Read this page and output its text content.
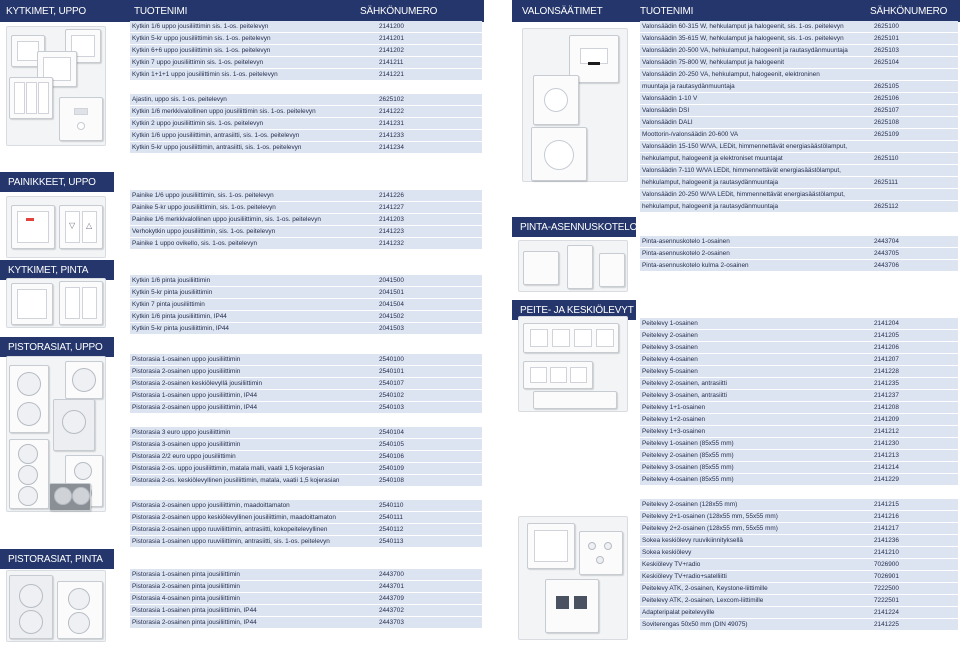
KYTKIMET, UPPO	TUOTENIMI	SÄHKÖNUMERO
Kytkin 1/6 uppo jousiliittimin sis. 1-os. peitelevyn	2141200
Kytkin 5-kr uppo jousiliittimin sis. 1-os. peitelevyn	2141201
Kytkin 6+6 uppo jousiliittimin sis. 1-os. peitelevyn	2141202
Kytkin 7 uppo jousiliittimin sis. 1-os. peitelevyn	2141211
Kytkin 1+1+1 uppo jousiliittimin sis. 1-os. peitelevyn	2141221
Ajastin, uppo sis. 1-os. peitelevyn	2625102
Kytkin 1/6 merkkivalollinen uppo jousiliittimin sis. 1-os. peitelevyn	2141222
Kytkin 2 uppo jousiliittimin sis. 1-os. peitelevyn	2141231
Kytkin 1/6 uppo jousiliittimin, antrasiitti, sis. 1-os. peitelevyn	2141233
Kytkin 5-kr uppo jousiliittimin, antrasiitti, sis. 1-os. peitelevyn	2141234
PAINIKKEET, UPPO
Painike 1/6 uppo jousiliittimin, sis. 1-os. peitelevyn	2141226
Painike 5-kr uppo jousiliittimin, sis. 1-os. peitelevyn	2141227
Painike 1/6 merkkivalollinen uppo jousiliittimin, sis. 1-os. peitelevyn	2141203
Verhokytkin uppo jousiliittimin, sis. 1-os. peitelevyn	2141223
Painike 1 uppo ovikello, sis. 1-os. peitelevyn	2141232
KYTKIMET, PINTA
Kytkin 1/6 pinta jousiliittimin	2041500
Kytkin 5-kr pinta jousiliittimin	2041501
Kytkin 7 pinta jousiliittimin	2041504
Kytkin 1/6 pinta jousiliittimin, IP44	2041502
Kytkin 5-kr pinta jousiliittimin, IP44	2041503
PISTORASIAT, UPPO
Pistorasia 1-osainen uppo jousiliittimin	2540100
Pistorasia 2-osainen uppo jousiliittimin	2540101
Pistorasia 2-osainen keskiölevyllä jousiliittimin	2540107
Pistorasia 1-osainen uppo jousiliittimin, IP44	2540102
Pistorasia 2-osainen uppo jousiliittimin, IP44	2540103
Pistorasia 3 euro uppo jousiliittimin	2540104
Pistorasia 3-osainen uppo jousiliittimin	2540105
Pistorasia 2/2 euro uppo jousiliittimin	2540106
Pistorasia 2-os. uppo jousiliittimin, matala malli, vaatii 1,5 kojerasian	2540109
Pistorasia 2-os. keskiölevyllinen jousiliittimin, matala, vaatii 1,5 kojerasian	2540108
Pistorasia 2-osainen uppo jousiliittimin, maadoittamaton	2540110
Pistorasia 2-osainen uppo keskiölevyllinen jousiliittimin, maadoittamaton	2540111
Pistorasia 2-osainen uppo ruuviliittimin, antrasiitti, kokopeitelevyllinen	2540112
Pistorasia 1-osainen uppo ruuviliittimin, antrasiitti, sis. 1-os. peitelevyn	2540113
PISTORASIAT, PINTA
Pistorasia 1-osainen pinta jousiliittimin	2443700
Pistorasia 2-osainen pinta jousiliittimin	2443701
Pistorasia 4-osainen pinta jousiliittimin	2443709
Pistorasia 1-osainen pinta jousiliittimin, IP44	2443702
Pistorasia 2-osainen pinta jousiliittimin, IP44	2443703
▽ △
VALONSÄÄTIMET	TUOTENIMI	SÄHKÖNUMERO
Valonsäädin 60-315 W, hehkulamput ja halogeenit, sis. 1-os. peitelevyn	2625100
Valonsäädin 35-615 W, hehkulamput ja halogeenit, sis. 1-os. peitelevyn	2625101
Valonsäädin 20-500 VA, hehkulamput, halogeenit ja rautasydänmuuntaja	2625103
Valonsäädin 75-800 W, hehkulamput ja halogeenit	2625104
Valonsäädin 20-250 VA, hehkulamput, halogeenit, elektroninen
muuntaja ja rautasydänmuuntaja	2625105
Valonsäädin 1-10 V	2625106
Valonsäädin DSI	2625107
Valonsäädin DALI	2625108
Moottorin-/valonsäädin 20-600 VA	2625109
Valonsäädin 15-150 W/VA, LEDit, himmennettävät energiasäästölamput,
hehkulamput, halogeenit ja elektroniset muuntajat	2625110
Valonsäädin 7-110 W/VA LEDit, himmennettävät energiasäästölamput,
hehkulamput, halogeenit ja rautasydänmuuntaja	2625111
Valonsäädin 20-250 W/VA LEDit, himmennettävät energiasäästölamput,
hehkulamput, halogeenit ja rautasydänmuuntaja	2625112
Pinta-asennuskotelo 1-osainen	2443704
Pinta-asennuskotelo 2-osainen	2443705
Pinta-asennuskotelo kulma 2-osainen	2443706
Peitelevy 1-osainen	2141204
Peitelevy 2-osainen	2141205
Peitelevy 3-osainen	2141206
Peitelevy 4-osainen	2141207
Peitelevy 5-osainen	2141228
Peitelevy 2-osainen, antrasiitti	2141235
Peitelevy 3-osainen, antrasiitti	2141237
Peitelevy 1+1-osainen	2141208
Peitelevy 1+2-osainen	2141209
Peitelevy 1+3-osainen	2141212
Peitelevy 1-osainen (85x55 mm)	2141230
Peitelevy 2-osainen (85x55 mm)	2141213
Peitelevy 3-osainen (85x55 mm)	2141214
Peitelevy 4-osainen (85x55 mm)	2141229
Peitelevy 2-osainen (128x55 mm)	2141215
Peitelevy 2+1-osainen (128x55 mm, 55x55 mm)	2141216
Peitelevy 2+2-osainen (128x55 mm, 55x55 mm)	2141217
Sokea keskiölevy ruuvikiinnityksellä	2141236
Sokea keskiölevy	2141210
Keskiölevy TV+radio	7026900
Keskiölevy TV+radio+satelliitti	7026901
Peitelevy ATK, 2-osainen, Keystone-liittimille	7222500
Peitelevy ATK, 2-osainen, Lexcom-liittimille	7222501
Adapteripalat peitelevyille	2141224
Soviterengas 50x50 mm (DIN 49075)	2141225
PINTA-ASENNUSKOTELOT
PEITE- JA KESKIÖLEVYT
